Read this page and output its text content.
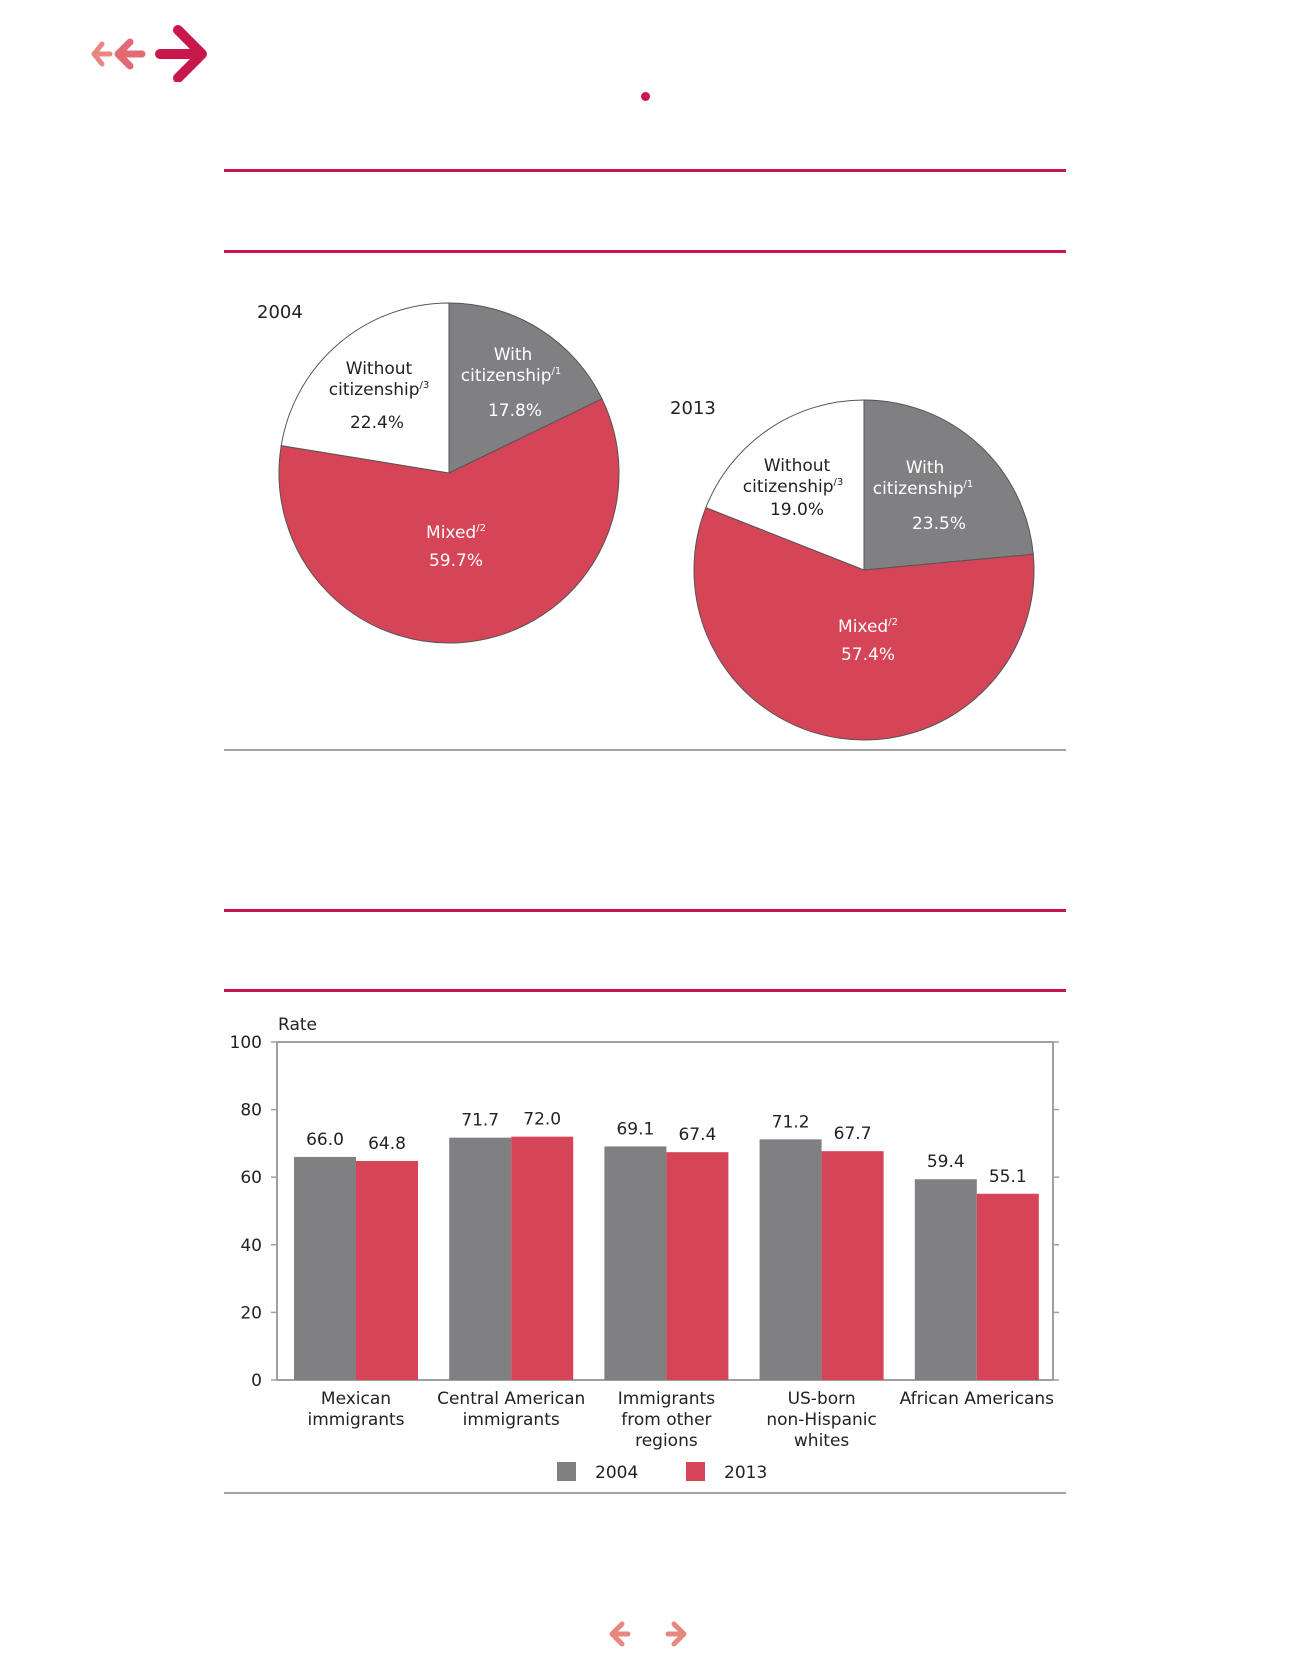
2004
Without
citizenship$^{/3}$
22.4%
With
citizenship$^{/1}$
17.8%
Mixed$^{/2}$
59.7%
2013
Without
citizenship$^{/3}$
19.0%
With
citizenship$^{/1}$
23.5%
Mixed$^{/2}$
57.4%
Rate
0
20
40
60
80
100
66.0 64.8
71.7 72.0	69.1 67.4
71.2
67.7
59.4
55.1
Mexican
immigrants
Central American
immigrants
Immigrants
from other
regions
US-born
non-Hispanic
whites
African Americans
2004	2013
